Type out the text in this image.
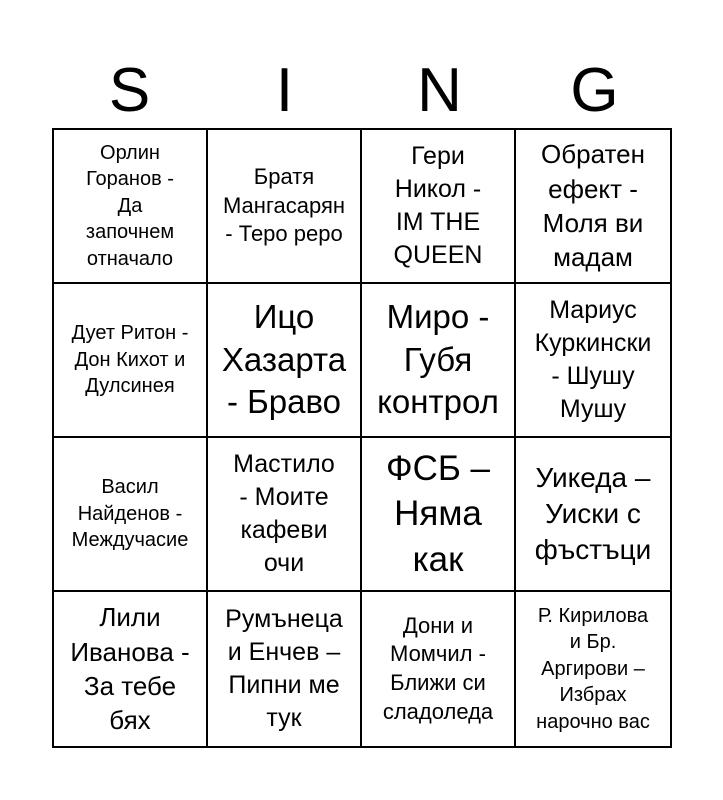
S	I	N	G
Орлин
Горанов -
Да
започнем
отначало
Братя
Мангасарян
- Теро реро
Гери
Никол -
IM THE
QUEEN
Обратен
ефект -
Моля ви
мадам
Дует Ритон -
Дон Кихот и
Дулсинея
Ицо
Хазарта
- Браво
Миро -
Губя
контрол
Мариус
Куркински
- Шушу
Мушу
Васил
Найденов -
Междучасие
Мастило
- Моите
кафеви
очи
ФСБ –
Няма
как
Уикеда –
Уиски с
фъстъци
Лили
Иванова -
За тебе
бях
Румънеца
и Енчев –
Пипни ме
тук
Дони и
Момчил -
Ближи си
сладоледа
Р. Кирилова
и Бр.
Аргирови –
Избрах
нарочно вас
